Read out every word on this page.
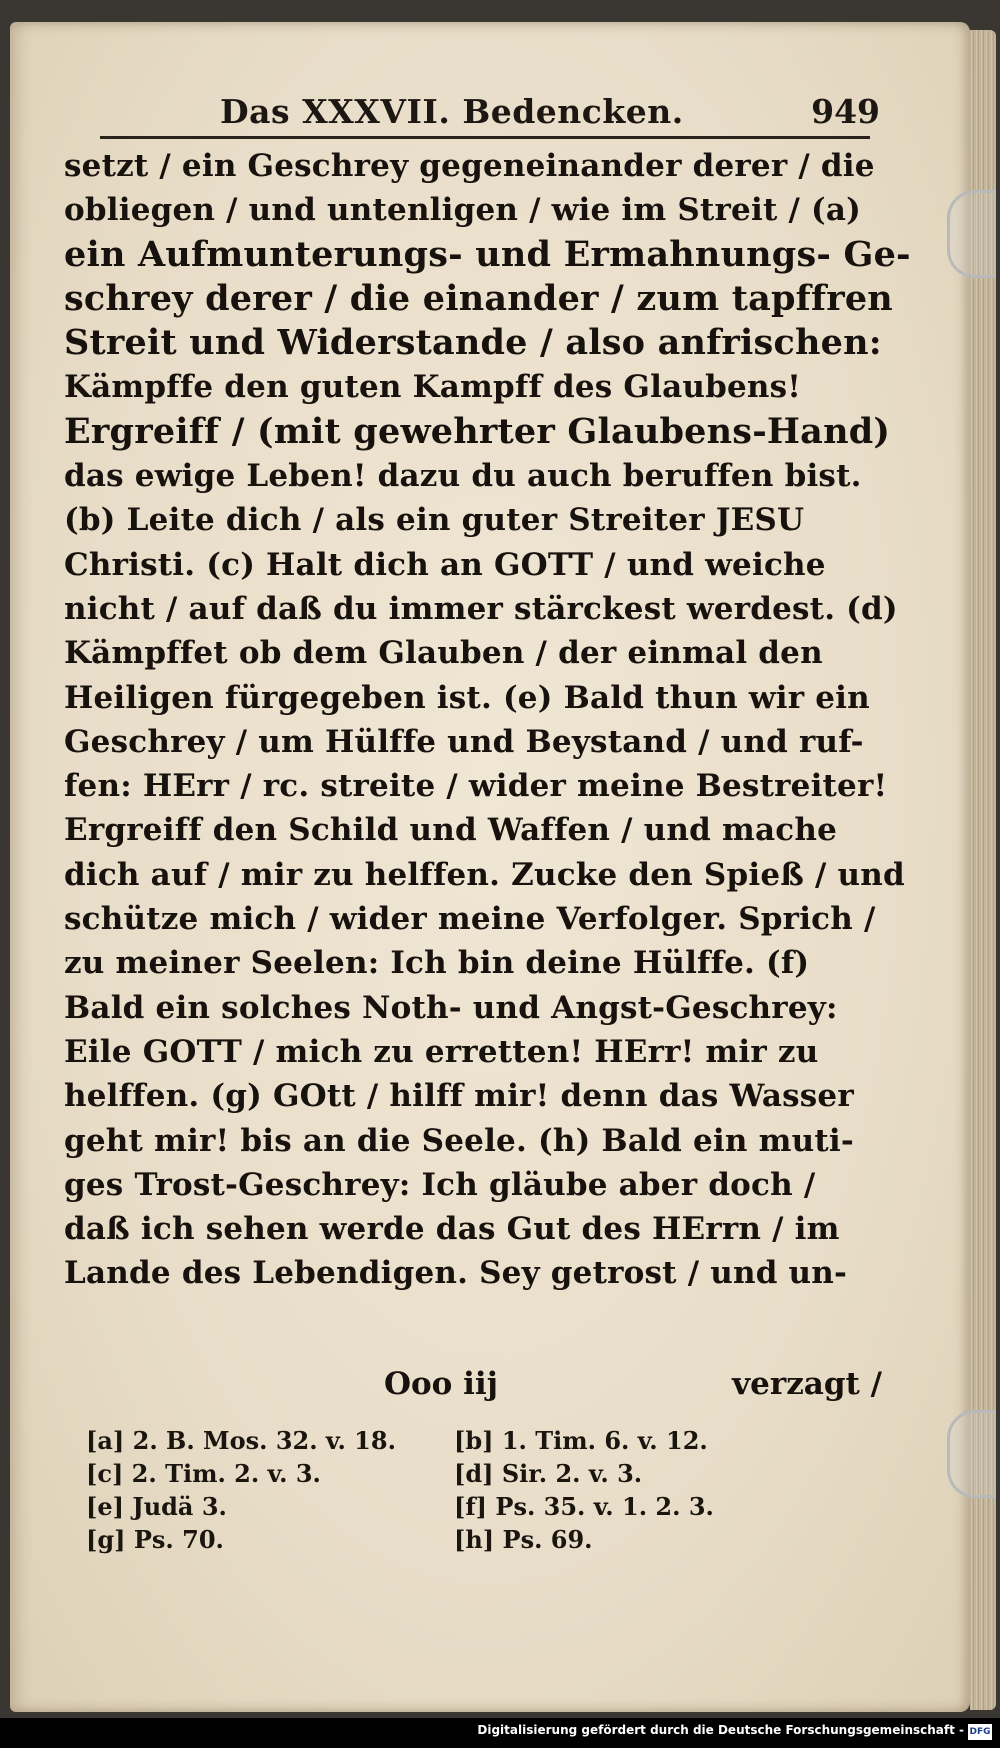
Das XXXVII. Bedencken.	949
setzt / ein Geschrey gegeneinander derer / die
obliegen / und untenligen / wie im Streit / (a)
ein Aufmunterungs- und Ermahnungs- Ge-
schrey derer / die einander / zum tapffren
Streit und Widerstande / also anfrischen:
Kämpffe den guten Kampff des Glaubens!
Ergreiff / (mit gewehrter Glaubens-Hand)
das ewige Leben! dazu du auch beruffen bist.
(b) Leite dich / als ein guter Streiter JESU
Christi. (c) Halt dich an GOTT / und weiche
nicht / auf daß du immer stärckest werdest. (d)
Kämpffet ob dem Glauben / der einmal den
Heiligen fürgegeben ist. (e) Bald thun wir ein
Geschrey / um Hülffe und Beystand / und ruf-
fen: HErr / rc. streite / wider meine Bestreiter!
Ergreiff den Schild und Waffen / und mache
dich auf / mir zu helffen. Zucke den Spieß / und
schütze mich / wider meine Verfolger. Sprich /
zu meiner Seelen: Ich bin deine Hülffe. (f)
Bald ein solches Noth- und Angst-Geschrey:
Eile GOTT / mich zu erretten! HErr! mir zu
helffen. (g) GOtt / hilff mir! denn das Wasser
geht mir! bis an die Seele. (h) Bald ein muti-
ges Trost-Geschrey: Ich gläube aber doch /
daß ich sehen werde das Gut des HErrn / im
Lande des Lebendigen. Sey getrost / und un-
Ooo iij	verzagt /
[a] 2. B. Mos. 32. v. 18. [b] 1. Tim. 6. v. 12.
[c] 2. Tim. 2. v. 3.	[d] Sir. 2. v. 3.
[e] Judä 3.	[f] Ps. 35. v. 1. 2. 3.
[g] Ps. 70.	[h] Ps. 69.
Digitalisierung gefördert durch die Deutsche Forschungsgemeinschaft - DFG
